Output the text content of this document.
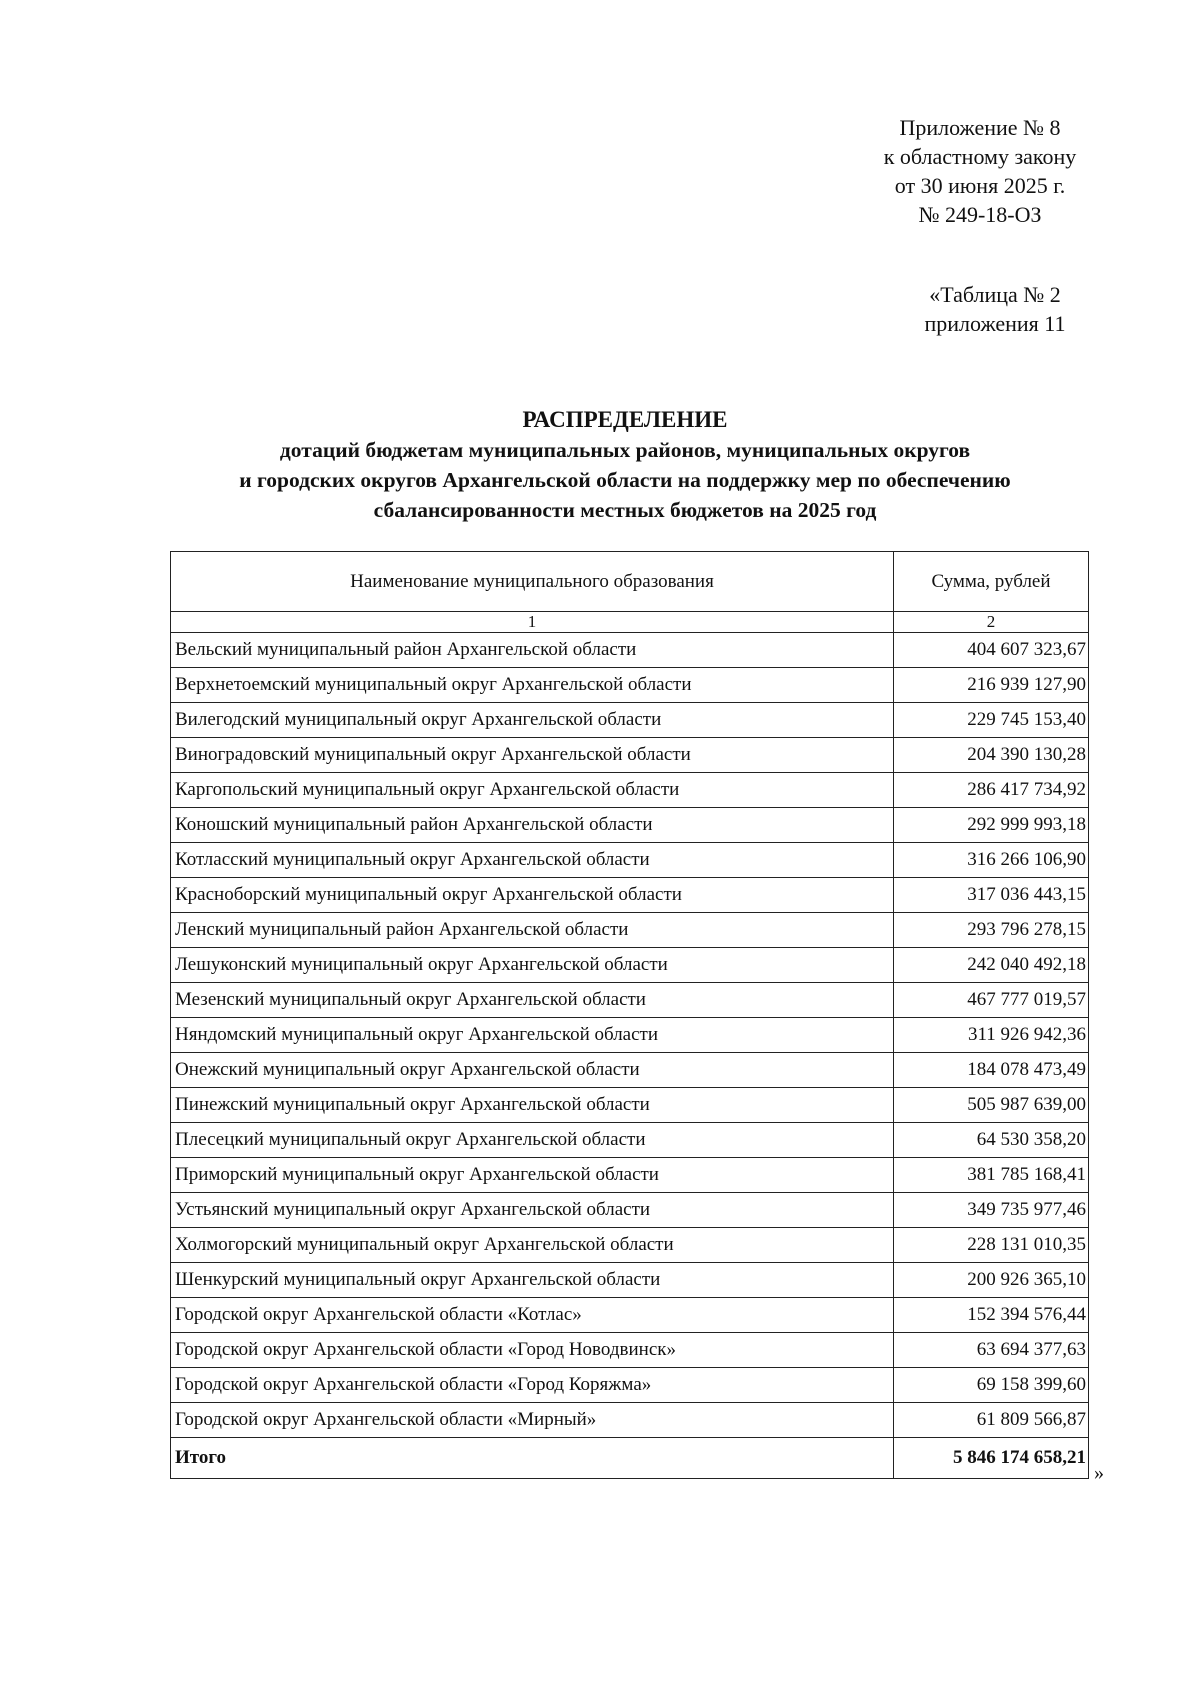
Приложение № 8
к областному закону
от 30 июня 2025 г.
№ 249-18-ОЗ
«Таблица № 2
приложения 11
РАСПРЕДЕЛЕНИЕ
дотаций бюджетам муниципальных районов, муниципальных округов
и городских округов Архангельской области на поддержку мер по обеспечению
сбалансированности местных бюджетов на 2025 год
Наименование муниципального образования	Сумма, рублей
1	2
Вельский муниципальный район Архангельской области	404 607 323,67
Верхнетоемский муниципальный округ Архангельской области	216 939 127,90
Вилегодский муниципальный округ Архангельской области	229 745 153,40
Виноградовский муниципальный округ Архангельской области	204 390 130,28
Каргопольский муниципальный округ Архангельской области	286 417 734,92
Коношский муниципальный район Архангельской области	292 999 993,18
Котласский муниципальный округ Архангельской области	316 266 106,90
Красноборский муниципальный округ Архангельской области	317 036 443,15
Ленский муниципальный район Архангельской области	293 796 278,15
Лешуконский муниципальный округ Архангельской области	242 040 492,18
Мезенский муниципальный округ Архангельской области	467 777 019,57
Няндомский муниципальный округ Архангельской области	311 926 942,36
Онежский муниципальный округ Архангельской области	184 078 473,49
Пинежский муниципальный округ Архангельской области	505 987 639,00
Плесецкий муниципальный округ Архангельской области	64 530 358,20
Приморский муниципальный округ Архангельской области	381 785 168,41
Устьянский муниципальный округ Архангельской области	349 735 977,46
Холмогорский муниципальный округ Архангельской области	228 131 010,35
Шенкурский муниципальный округ Архангельской области	200 926 365,10
Городской округ Архангельской области «Котлас»	152 394 576,44
Городской округ Архангельской области «Город Новодвинск»	63 694 377,63
Городской округ Архангельской области «Город Коряжма»	69 158 399,60
Городской округ Архангельской области «Мирный»	61 809 566,87
Итого	5 846 174 658,21
»
